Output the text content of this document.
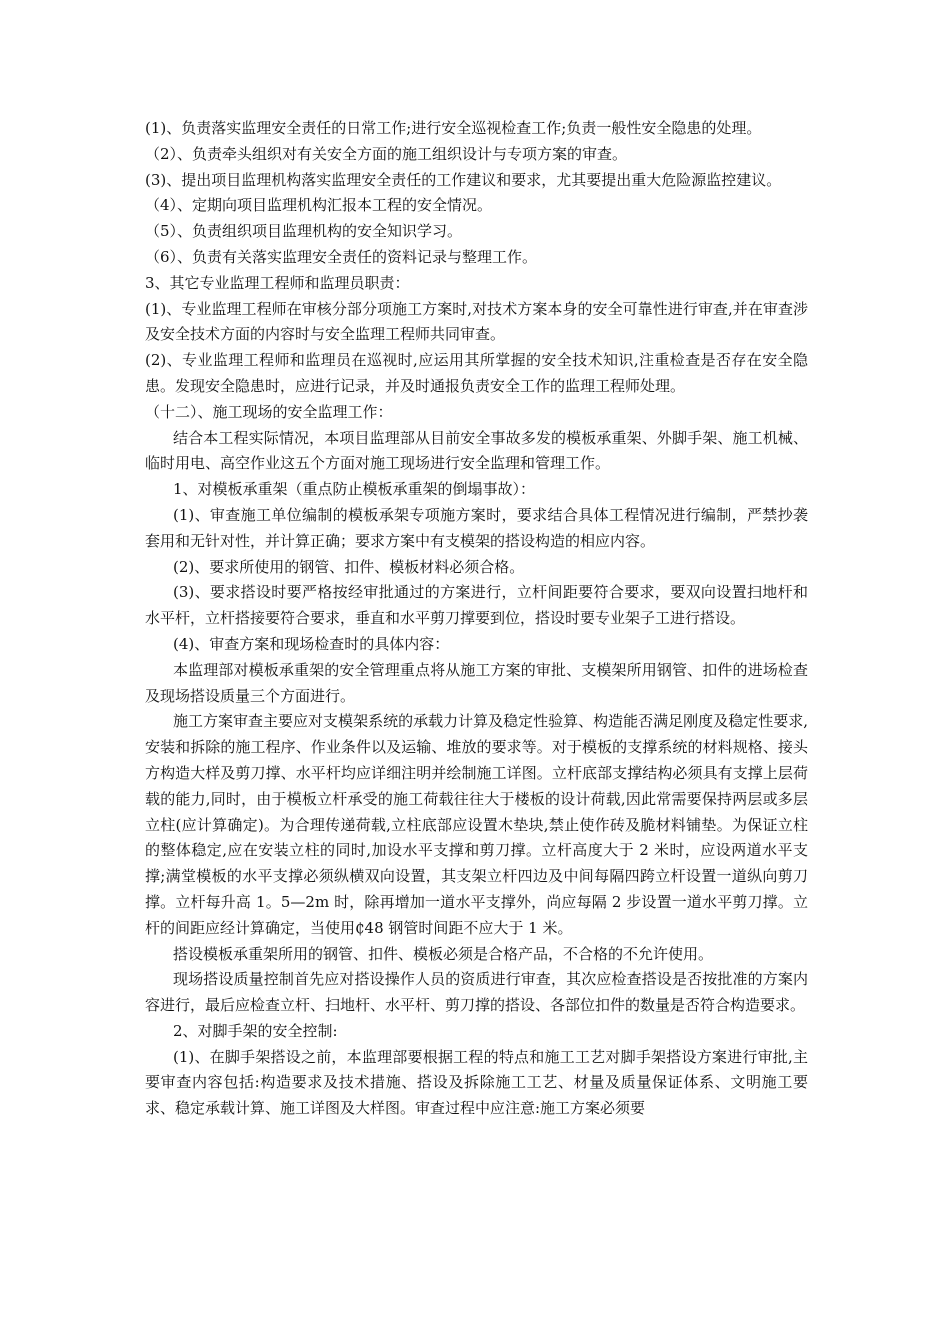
(1)、负责落实监理安全责任的日常工作;进行安全巡视检查工作;负责一般性安全隐患的处理。

（2）、负责牵头组织对有关安全方面的施工组织设计与专项方案的审查。

(3)、提出项目监理机构落实监理安全责任的工作建议和要求，尤其要提出重大危险源监控建议。

（4）、定期向项目监理机构汇报本工程的安全情况。

（5）、负责组织项目监理机构的安全知识学习。

（6）、负责有关落实监理安全责任的资料记录与整理工作。

3、其它专业监理工程师和监理员职责：

(1)、专业监理工程师在审核分部分项施工方案时,对技术方案本身的安全可靠性进行审查,并在审查涉及安全技术方面的内容时与安全监理工程师共同审查。

(2)、专业监理工程师和监理员在巡视时,应运用其所掌握的安全技术知识,注重检查是否存在安全隐患。发现安全隐患时，应进行记录，并及时通报负责安全工作的监理工程师处理。

（十二）、施工现场的安全监理工作：

结合本工程实际情况，本项目监理部从目前安全事故多发的模板承重架、外脚手架、施工机械、临时用电、高空作业这五个方面对施工现场进行安全监理和管理工作。

1、对模板承重架（重点防止模板承重架的倒塌事故）：

(1)、审查施工单位编制的模板承架专项施方案时，要求结合具体工程情况进行编制，严禁抄袭套用和无针对性，并计算正确；要求方案中有支模架的搭设构造的相应内容。

(2)、要求所使用的钢管、扣件、模板材料必须合格。

(3)、要求搭设时要严格按经审批通过的方案进行，立杆间距要符合要求，要双向设置扫地杆和水平杆，立杆搭接要符合要求，垂直和水平剪刀撑要到位，搭设时要专业架子工进行搭设。

(4)、审查方案和现场检查时的具体内容：

本监理部对模板承重架的安全管理重点将从施工方案的审批、支模架所用钢管、扣件的进场检查及现场搭设质量三个方面进行。

施工方案审查主要应对支模架系统的承载力计算及稳定性验算、构造能否满足刚度及稳定性要求,安装和拆除的施工程序、作业条件以及运输、堆放的要求等。对于模板的支撑系统的材料规格、接头方构造大样及剪刀撑、水平杆均应详细注明并绘制施工详图。立杆底部支撑结构必须具有支撑上层荷载的能力,同时，由于模板立杆承受的施工荷载往往大于楼板的设计荷载,因此常需要保持两层或多层立柱(应计算确定)。为合理传递荷载,立柱底部应设置木垫块,禁止使作砖及脆材料铺垫。为保证立柱的整体稳定,应在安装立柱的同时,加设水平支撑和剪刀撑。立杆高度大于 2 米时，应设两道水平支撑;满堂模板的水平支撑必须纵横双向设置，其支架立杆四边及中间每隔四跨立杆设置一道纵向剪刀撑。立杆每升高 1。5—2m 时，除再增加一道水平支撑外，尚应每隔 2 步设置一道水平剪刀撑。立杆的间距应经计算确定，当使用₵48 钢管时间距不应大于 1 米。

搭设模板承重架所用的钢管、扣件、模板必须是合格产品，不合格的不允许使用。

现场搭设质量控制首先应对搭设操作人员的资质进行审查，其次应检查搭设是否按批准的方案内容进行，最后应检查立杆、扫地杆、水平杆、剪刀撑的搭设、各部位扣件的数量是否符合构造要求。

2、对脚手架的安全控制:

(1)、在脚手架搭设之前，本监理部要根据工程的特点和施工工艺对脚手架搭设方案进行审批,主要审查内容包括:构造要求及技术措施、搭设及拆除施工工艺、材量及质量保证体系、文明施工要求、稳定承载计算、施工详图及大样图。审查过程中应注意:施工方案必须要
